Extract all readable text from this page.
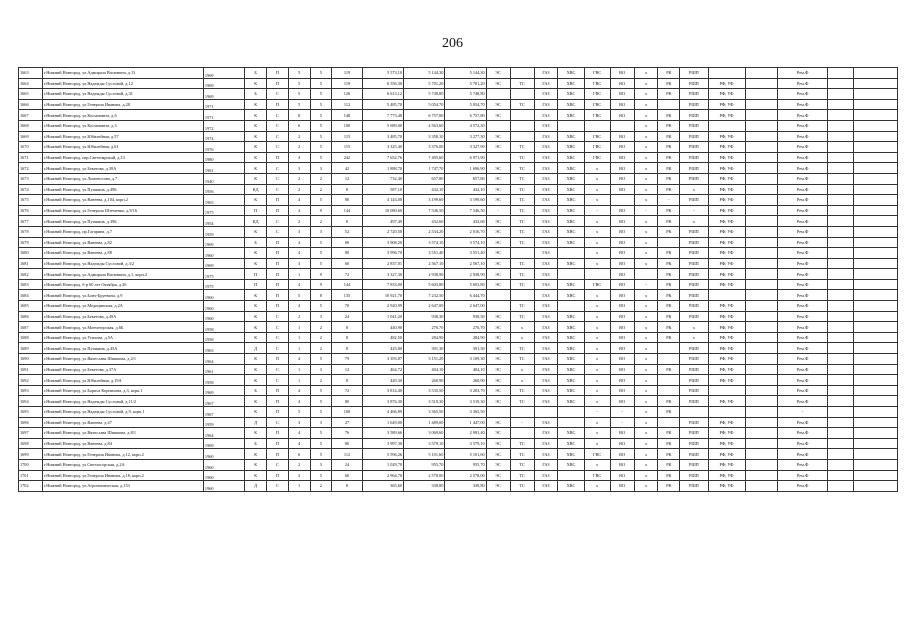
206
1663	г.Нижний Новгород, ул.Адмирала Васюнина, д.13	1969	Б	П	5	5	119	5 573,10	5 144,30	5 144,30	ЭС		ГАЗ	ХВС	ГВС	ВО	х	РК	РШП			Рем.Ф		
1664	г.Нижний Новгород, ул.Надежды Сусловой, д.12	1969	К	П	5	5	119	6 556,30	5 701,20	5 701,20	ЭС	ТС	ГАЗ	ХВС	ГВС	ВО	х	РК	РШП	РФ; УФ		Рем.Ф		
1665	г.Нижний Новгород, ул.Надежды Сусловой, д.31	1969	Б	С	5	5	126	6 613,12	5 748,80	5 748,80			ГАЗ	ХВС	ГВС	ВО	х	РК	РШП	РФ; УФ		Рем.Ф		
1666	г.Нижний Новгород, ул.Генерала Иванова, д.28	1971	К	П	5	5	112	5 485,70	5 054,70	5 054,70	ЭС	ТС	ГАЗ	ХВС	ГВС	ВО	х		РШП	РФ; УФ		Рем.Ф		
1667	г.Нижний Новгород, ул.Космонавта, д.6	1971	К	С	8	5	148	7 773,48	6 757,80	6 757,80	ЭС		ГАЗ	ХВС	ГВС	ВО	х	РК	РШП	РФ; УФ		Рем.Ф		
1668	г.Нижний Новгород, ул.Космонавта, д.3	1972	К	С	6	5	100	5 689,00	4 563,60	4 572,30			ГАЗ				х	РК	РШП			Рем.Ф		
1669	г.Нижний Новгород, ул.Юбилейная, д.57	1974	К	С	2	5	115	3 485,70	3 358,10	3 277,30	ЭС		ГАЗ	ХВС	ГВС	ВО	х	РК	РШП	РФ; УФ		Рем.Ф		
1670	г.Нижний Новгород, ул.Юбилейная, д.61	1976	К	С	2	5	115	3 325,40	3 376,00	3 327,90	ЭС	ТС	ГАЗ	ХВС	ГВС	ВО	х	РК	РШП	РФ; УФ		Рем.Ф		
1671	г.Нижний Новгород, пер.Светлоярский, д.13	1980	К	П	4	5	242	7 652,76	7 495,60	6 971,90		ТС	ГАЗ	ХВС	ГВС	ВО	х	РК	РШП	РФ; УФ		Рем.Ф		
1672	г.Нижний Новгород, ул.Бекетова, д.39А	1961	К	С	3	3	42	1 888,70	1 747,70	1 696,90	ЭС	ТС	ГАЗ	ХВС	х	ВО	х	РК	РШП	РФ; УФ		Рем.Ф		
1673	г.Нижний Новгород, ул.Ломоносова, д.7	1940	К	С	2	2	12	732,40	657,80	657,80	ЭС	ТС	ГАЗ	ХВС	х	ВО	х	РК	РШП	РФ; УФ		Рем.Ф		
1674	г.Нижний Новгород, ул.Пушкина, д.49Б	1956	КД	С	2	2	8	587,10	432,10	432,10	ЭС	ТС	ГАЗ	ХВС	х	ВО	х	РК	х	РФ; УФ		Рем.Ф		
1675	г.Нижний Новгород, ул.Ванеева, д.104, корп.2	1965	К	П	4	5	80	4 143,00	3 199,60	3 199,60	ЭС	ТС	ГАЗ	ХВС	х		х	-	РШП	РФ; УФ		Рем.Ф		
1676	г.Нижний Новгород, ул.Генерала Штеменко, д.9/16	1975	П	П	4	9	144	10 080,60	7 546,50	7 546,50	-	ТС	ГАЗ	ХВС	-	ВО	-	РК	-	РФ; УФ		Рем.Ф		
1677	г.Нижний Новгород, ул.Пушкина, д.39Б	1954	КД	С	2	2	8	497,49	432,60	432,60	ЭС	ТС	ГАЗ	ХВС	х	ВО	х	РК	х	РФ; УФ		Рем.Ф		
1678	г.Нижний Новгород, пр.Гагарина, д.7	1959	К	С	3	3	52	2 720,50	2 534,20	2 016,70	ЭС	ТС	ГАЗ	ХВС	х	ВО	х	РК	РШП	РФ; УФ		Рем.Ф		
1679	г.Нижний Новгород, ул.Ванеева, д.82	1969	Б	П	4	5	80	3 908,20	3 574,10	3 574,10	ЭС	ТС	ГАЗ	ХВС	х	ВО	х		РШП	РФ; УФ		Рем.Ф		
1680	г.Нижний Новгород, ул.Ванеева, д.88	1960	К	П	4	5	80	3 996,70	3 551,40	3 551,40	ЭС		ГАЗ		х	ВО	х	РК	РШП	РФ; УФ		Рем.Ф		
1681	г.Нижний Новгород, ул.Надежды Сусловой, д.3/2	1969	К	П	3	5	60	2 837,01	2 567,10	2 567,10	ЭС	ТС	ГАЗ	ХВС	х	ВО	х	РК	РШП	РФ; УФ		Рем.Ф		
1682	г.Нижний Новгород, ул.Адмирала Васюнина, д.1, корп.2	1975	П	П	1	9	72	3 327,30	2 938,90	2 938,90	ЭС	ТС	ГАЗ			ВО		РК	РШП	РФ; УФ		Рем.Ф		
1683	г.Нижний Новгород, б-р 60 лет Октября, д.26	1975	П	П	4	9	144	7 833,00	5 603,80	5 603,80	ЭС	ТС	ГАЗ	ХВС	ГВС	ВО	-	РК	РШП	РФ; УФ		Рем.Ф		
1684	г.Нижний Новгород, ул.Бонч-Бруевича, д.9	1960	К	П	5	8	135	10 921,70	7 232,50	6 444,70			ГАЗ	ХВС	х	ВО	х	РК	РШП			Рем.Ф		
1685	г.Нижний Новгород, ул.Медицинская, д.2А	1960	К	П	4	5	70	2 920,99	2 647,00	2 647,00		ТС	ГАЗ		х	ВО	х	РК	РШП	РФ; УФ		Рем.Ф		
1686	г.Нижний Новгород, ул.Бекетова, д.49А	1960	К	С	2	3	24	1 041,20	938,30	938,30	ЭС	ТС	ГАЗ	ХВС	х	ВО	х	РК	РШП	РФ; УФ		Рем.Ф		
1687	г.Нижний Новгород, ул.Мончегорская, д.6Б	1958	К	С	1	2	8	440,90	276,70	276,70	ЭС	х	ГАЗ	ХВС	х	ВО	х	РК	х	РФ; УФ		Рем.Ф		
1688	г.Нижний Новгород, ул.Усилова, д.5А	1958	К	С	1	2	8	482,50	284,90	284,90	ЭС	х	ГАЗ	ХВС	х	ВО	х	РК	х	РФ; УФ		Рем.Ф		
1689	г.Нижний Новгород, ул.Пушкина, д.45А	1963	Д	С	1	2	8	425,80	391,30	391,30	ЭС	ТС	ГАЗ	ХВС	х	ВО	х		РШП	РФ; УФ		Рем.Ф		
1690	г.Нижний Новгород, ул.Вячеслава Шишкова, д.2/1	1964	К	П	4	5	79	3 393,87	3 151,20	3 109,30	ЭС	ТС	ГАЗ	ХВС	х	ВО	х		РШП	РФ; УФ		Рем.Ф		
1691	г.Нижний Новгород, ул.Бекетова, д.37А	1961	К	С	1	3	12	464,72	404,10	404,10	ЭС	х	ГАЗ	ХВС	х	ВО	х	РК	РШП	РФ; УФ		Рем.Ф		
1692	г.Нижний Новгород, ул.Юбилейная, д.19А	1958	К	С	1	2	8	449,30	260,90	260,90	ЭС	х	ГАЗ	ХВС	х	ВО	х		РШП	РФ; УФ		Рем.Ф		
1693	г.Нижний Новгород, ул.Бориса Корнилова, д.3, корп.1	1969	Б	П	4	5	72	3 814,40	3 535,50	3 203,70	ЭС	ТС	ГАЗ	ХВС	х	ВО	х		РШП			Рем.Ф		
1694	г.Нижний Новгород, ул.Надежды Сусловой, д.11/2	1967	К	П	4	5	80	3 876,30	3 519,30	3 519,30	ЭС	ТС	ГАЗ	ХВС	х	ВО	х	РК	РШП	РФ; УФ		Рем.Ф		
1695	г.Нижний Новгород, ул.Надежды Сусловой, д.9, корп.1	1967	К	П	5	5	100	4 466,89	3 365,50	3 365,50					-	-	х	РК				-		
1696	г.Нижний Новгород, ул.Ванеева, д.47	1959	Д	С	3	3	27	1 649,00	1 489,00	1 447,00	ЭС	-	ГАЗ		х	-	х		РШП	РФ; УФ		Рем.Ф		
1697	г.Нижний Новгород, ул.Вячеслава Шишкова, д.8/1	1964	К	П	4	5	76	3 589,66	3 069,60	2 981,40	ЭС		ГАЗ	ХВС	х	ВО	х	РК	РШП	РФ; УФ		Рем.Ф		
1698	г.Нижний Новгород, ул.Ванеева, д.84	1969	Б	П	4	5	80	3 997,30	3 579,10	3 579,10	ЭС	ТС	ГАЗ	ХВС	х	ВО	х	РК	РШП	РФ; УФ		Рем.Ф		
1699	г.Нижний Новгород, ул.Генерала Иванова, д.12, корп.2	1960	К	П	6	5	112	5 596,26	5 101,60	5 101,60	ЭС	ТС	ГАЗ	ХВС	ГВС	ВО	х	РК	РШП	РФ; УФ		Рем.Ф		
1700	г.Нижний Новгород, ул.Светлогорская, д.2А	1960	К	С	2	3	24	1 029,70	955,70	955,70	ЭС	ТС	ГАЗ	ХВС	х	ВО	х	РК	РШП	РФ; УФ		Рем.Ф		
1701	г.Нижний Новгород, ул.Генерала Иванова, д.18, корп.2	1960	К	П	3	5	60	2 964,70	2 578,00	2 578,00	ЭС	ТС	ГАЗ		ГВС	ВО	х	РК	РШП	РФ; УФ		Рем.Ф		
1702	г.Нижний Новгород, ул.Агрономическая, д.153	1960	Д	С	1	2	8	365,60	338,80	338,80	ЭС	ТС	ГАЗ	ХВС	х	ВО	х	РК	РШП	РФ; УФ		Рем.Ф		
